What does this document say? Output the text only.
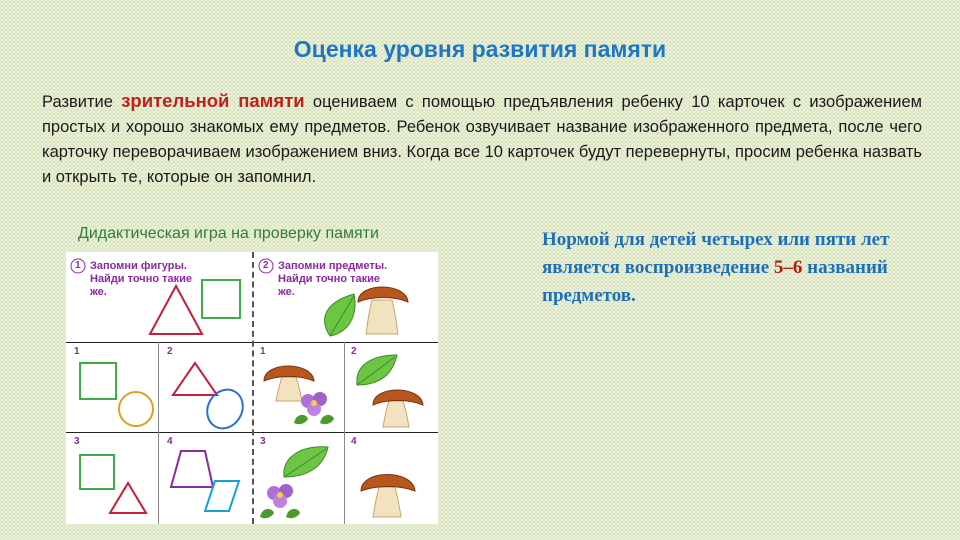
Оценка уровня развития памяти
Развитие зрительной памяти оцениваем с помощью предъявления ребенку 10 карточек с изображением простых и хорошо знакомых ему предметов. Ребенок озвучивает название изображенного предмета, после чего карточку переворачиваем изображением вниз. Когда все 10 карточек будут перевернуты, просим ребенка назвать и открыть те, которые он запомнил.
Дидактическая игра на проверку памяти	Нормой для детей четырех или пяти лет является воспроизведение 5–6 названий предметов.
1 Запомни фигуры. Найди точно такие же.
2 Запомни предметы. Найди точно такие же.
1	2	1	2
3	4	3	4
